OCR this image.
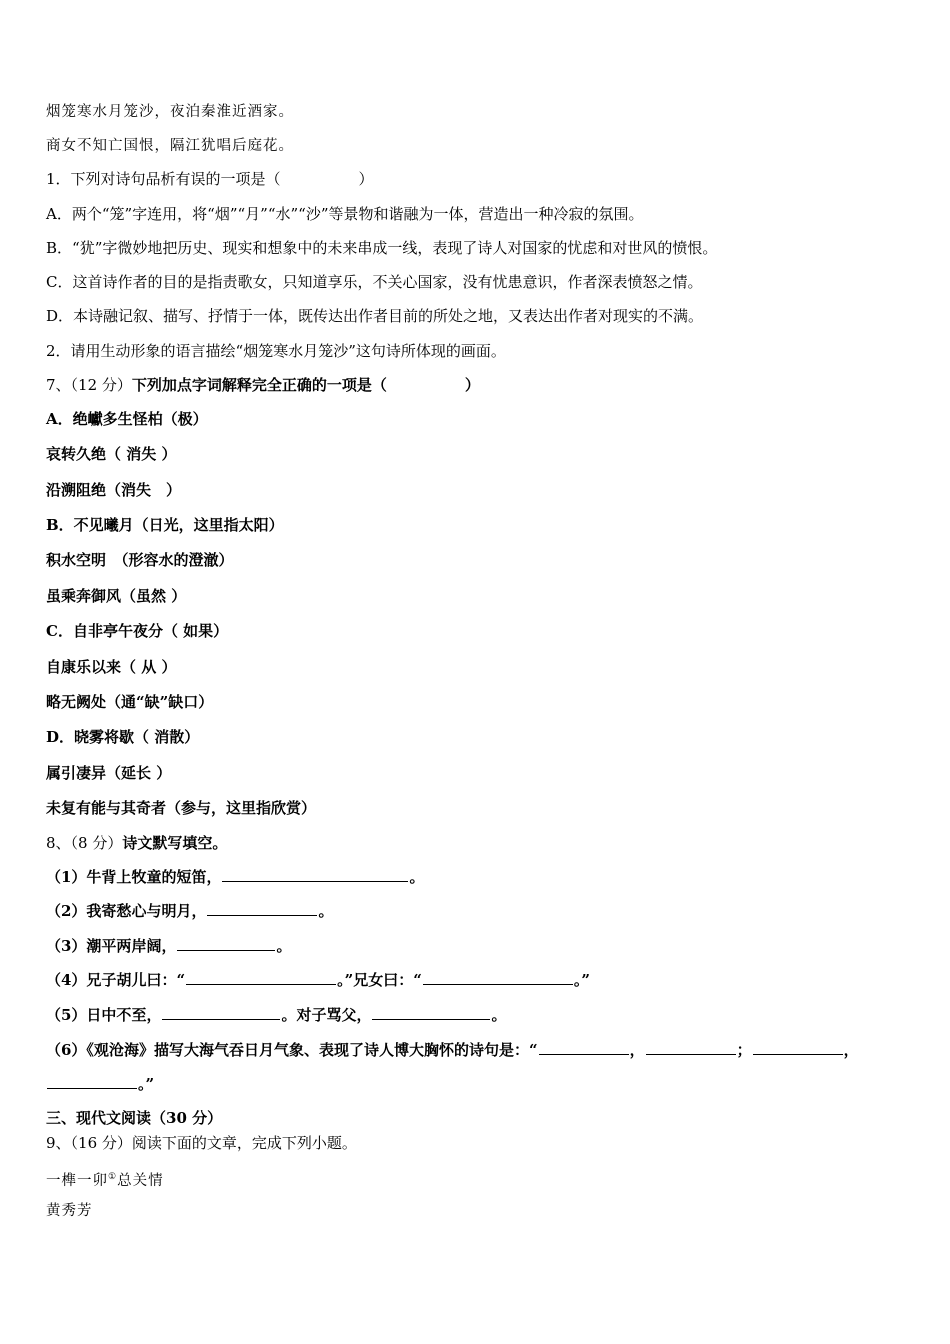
烟笼寒水月笼沙，夜泊秦淮近酒家。
商女不知亡国恨，隔江犹唱后庭花。
1．下列对诗句品析有误的一项是（	）
A．两个“笼”字连用，将“烟”“月”“水”“沙”等景物和谐融为一体，营造出一种冷寂的氛围。
B．“犹”字微妙地把历史、现实和想象中的未来串成一线，表现了诗人对国家的忧虑和对世风的愤恨。
C．这首诗作者的目的是指责歌女，只知道享乐，不关心国家，没有忧患意识，作者深表愤怒之情。
D．本诗融记叙、描写、抒情于一体，既传达出作者目前的所处之地，又表达出作者对现实的不满。
2．请用生动形象的语言描绘“烟笼寒水月笼沙”这句诗所体现的画面。
7、（12 分）下列加点字词解释完全正确的一项是（	）
A．绝巘多生怪柏（极）
哀转久绝（ 消失 ）
沿溯阻绝（消失　）
B．不见曦月（日光，这里指太阳）
积水空明　（形容水的澄澈）
虽乘奔御风（虽然 ）
C．自非亭午夜分（ 如果）
自康乐以来（ 从 ）
略无阙处（通“缺”缺口）
D．晓雾将歇（ 消散）
属引凄异（延长 ）
未复有能与其奇者（参与，这里指欣赏）
8、（8 分）诗文默写填空。
（1）牛背上牧童的短笛，	。
（2）我寄愁心与明月，	。
（3）潮平两岸阔，	。
（4）兄子胡儿曰：“	。”兄女曰：“	。”
（5）日中不至，	。对子骂父，	。
（6）《观沧海》描写大海气吞日月气象、表现了诗人博大胸怀的诗句是：“	，	；	，
。”
三、现代文阅读（30 分）
9、（16 分）阅读下面的文章，完成下列小题。
一榫一卯①总关情
黄秀芳
